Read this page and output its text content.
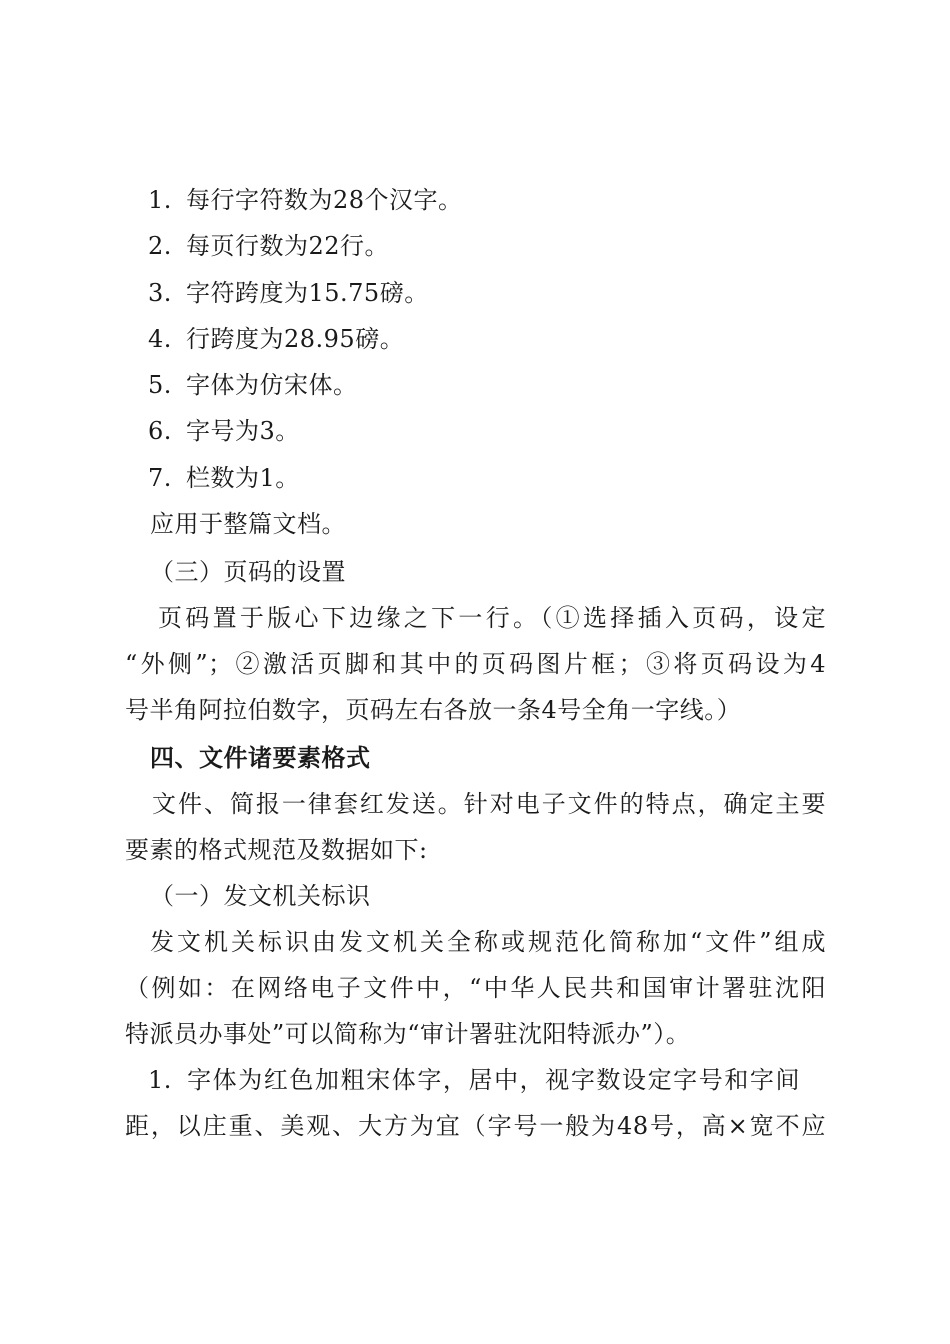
1. 每行字符数为28个汉字。
2. 每页行数为22行。
3. 字符跨度为15.75磅。
4. 行跨度为28.95磅。
5. 字体为仿宋体。
6. 字号为3。
7. 栏数为1。
应用于整篇文档。
（三）页码的设置
页码置于版心下边缘之下一行。（①选择插入页码，设定
“外侧”；②激活页脚和其中的页码图片框；③将页码设为4
号半角阿拉伯数字，页码左右各放一条4号全角一字线。）
四、文件诸要素格式
文件、简报一律套红发送。针对电子文件的特点，确定主要
要素的格式规范及数据如下:
（一）发文机关标识
发文机关标识由发文机关全称或规范化简称加“文件”组成
（例如：在网络电子文件中，“中华人民共和国审计署驻沈阳
特派员办事处”可以简称为“审计署驻沈阳特派办”）。
1. 字体为红色加粗宋体字，居中，视字数设定字号和字间
距，以庄重、美观、大方为宜（字号一般为48号，高×宽不应
